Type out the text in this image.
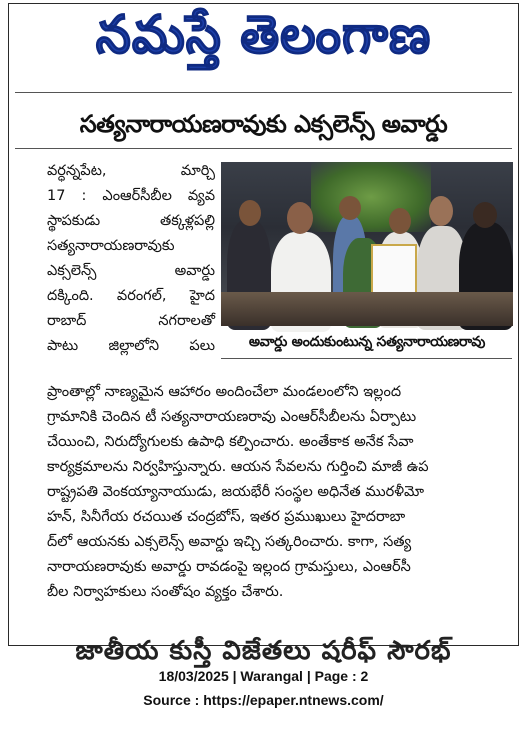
నమస్తే తెలంగాణ
సత్యనారాయణరావుకు ఎక్సలెన్స్ అవార్డు
వర్ధన్నపేట, మార్చి
17 : ఎంఆర్‌సీబీల వ్యవ
స్థాపకుడు తక్కళ్లపల్లి
సత్యనారాయణరావుకు
ఎక్సలెన్స్ అవార్డు
దక్కింది. వరంగల్, హైద
రాబాద్ నగరాలతో
పాటు జిల్లాలోని పలు	అవార్డు అందుకుంటున్న సత్యనారాయణరావు
ప్రాంతాల్లో నాణ్యమైన ఆహారం అందించేలా మండలంలోని ఇల్లంద
గ్రామానికి చెందిన టీ సత్యనారాయణరావు ఎంఆర్‌సీబీలను ఏర్పాటు
చేయించి, నిరుద్యోగులకు ఉపాధి కల్పించారు. అంతేకాక అనేక సేవా
కార్యక్రమాలను నిర్వహిస్తున్నారు. ఆయన సేవలను గుర్తించి మాజీ ఉప
రాష్ట్రపతి వెంకయ్యానాయుడు, జయభేరీ సంస్థల అధినేత మురళీమో
హన్, సినీగేయ రచయిత చంద్రబోస్, ఇతర ప్రముఖులు హైదరాబా
ద్‌లో ఆయనకు ఎక్సలెన్స్ అవార్డు ఇచ్చి సత్కరించారు. కాగా, సత్య
నారాయణరావుకు అవార్డు రావడంపై ఇల్లంద గ్రామస్తులు, ఎంఆర్‌సీ
బీల నిర్వాహకులు సంతోషం వ్యక్తం చేశారు.
జాతీయ కుస్తీ విజేతలు షరీఫ్ సౌరభ్
18/03/2025 | Warangal | Page : 2
Source : https://epaper.ntnews.com/
